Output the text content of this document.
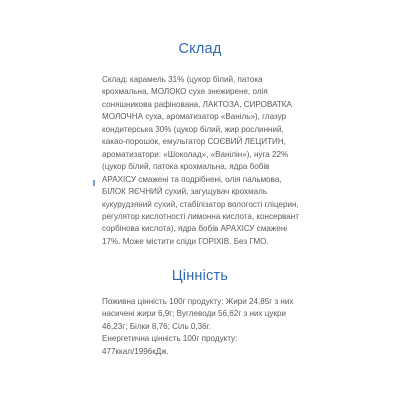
Склад

Склад: карамель 31% (цукор білий, патока
крохмальна, МОЛОКО сухе знежирене, олія
соняшникова рафінована, ЛАКТОЗА, СИРОВАТКА
МОЛОЧНА суха, ароматизатор «Ваніль»), глазур
кондитерська 30% (цукор білий, жир рослинний,
какао-порошок, емульгатор СОЄВИЙ ЛЕЦИТИН,
ароматизатори: «Шоколад», «Ванілін»), нуга 22%
(цукор білий, патока крохмальна, ядра бобів
АРАХІСУ смажені та подрібнені, олія пальмова,
БІЛОК ЯЄЧНИЙ сухий, загущувач крохмаль
кукурудзяний сухий, стабілізатор вологості гліцерин,
регулятор кислотності лимонна кислота, консервант
сорбінова кислота), ядра бобів АРАХІСУ смажені
17%. Може містити сліди ГОРІХІВ. Без ГМО.

Цінність

Поживна цінність 100г продукту: Жири 24,85г з них
насичені жири 6,9г; Вуглеводи 56,62г з них цукри
46,23г; Білки 8,76; Сіль 0,36г.
Енергетична цінність 100г продукту:
477ккал/1996кДж.
